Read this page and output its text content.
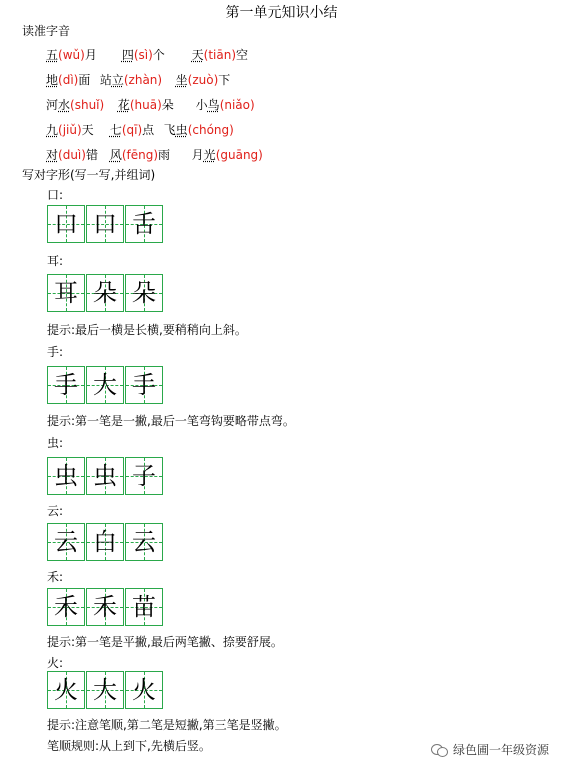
第一单元知识小结
读准字音
五(wǔ)月 四(sì)个 天(tiān)空
地(dì)面 站立(zhàn) 坐(zuò)下
河水(shuǐ) 花(huā)朵 小鸟(niǎo)
九(jiǔ)天 七(qī)点 飞虫(chóng)
对(duì)错 风(fēng)雨 月光(guāng)
写对字形(写一写,并组词)
口:
口 口 舌
耳:
耳 朵 朵
提示:最后一横是长横,要稍稍向上斜。
手:
手 大 手
提示:第一笔是一撇,最后一笔弯钩要略带点弯。
虫:
虫 虫 子
云:
云 白 云
禾:
禾 禾 苗
提示:第一笔是平撇,最后两笔撇、捺要舒展。
火:
火 大 火
提示:注意笔顺,第二笔是短撇,第三笔是竖撇。
笔顺规则:从上到下,先横后竖。	绿色圃一年级资源
